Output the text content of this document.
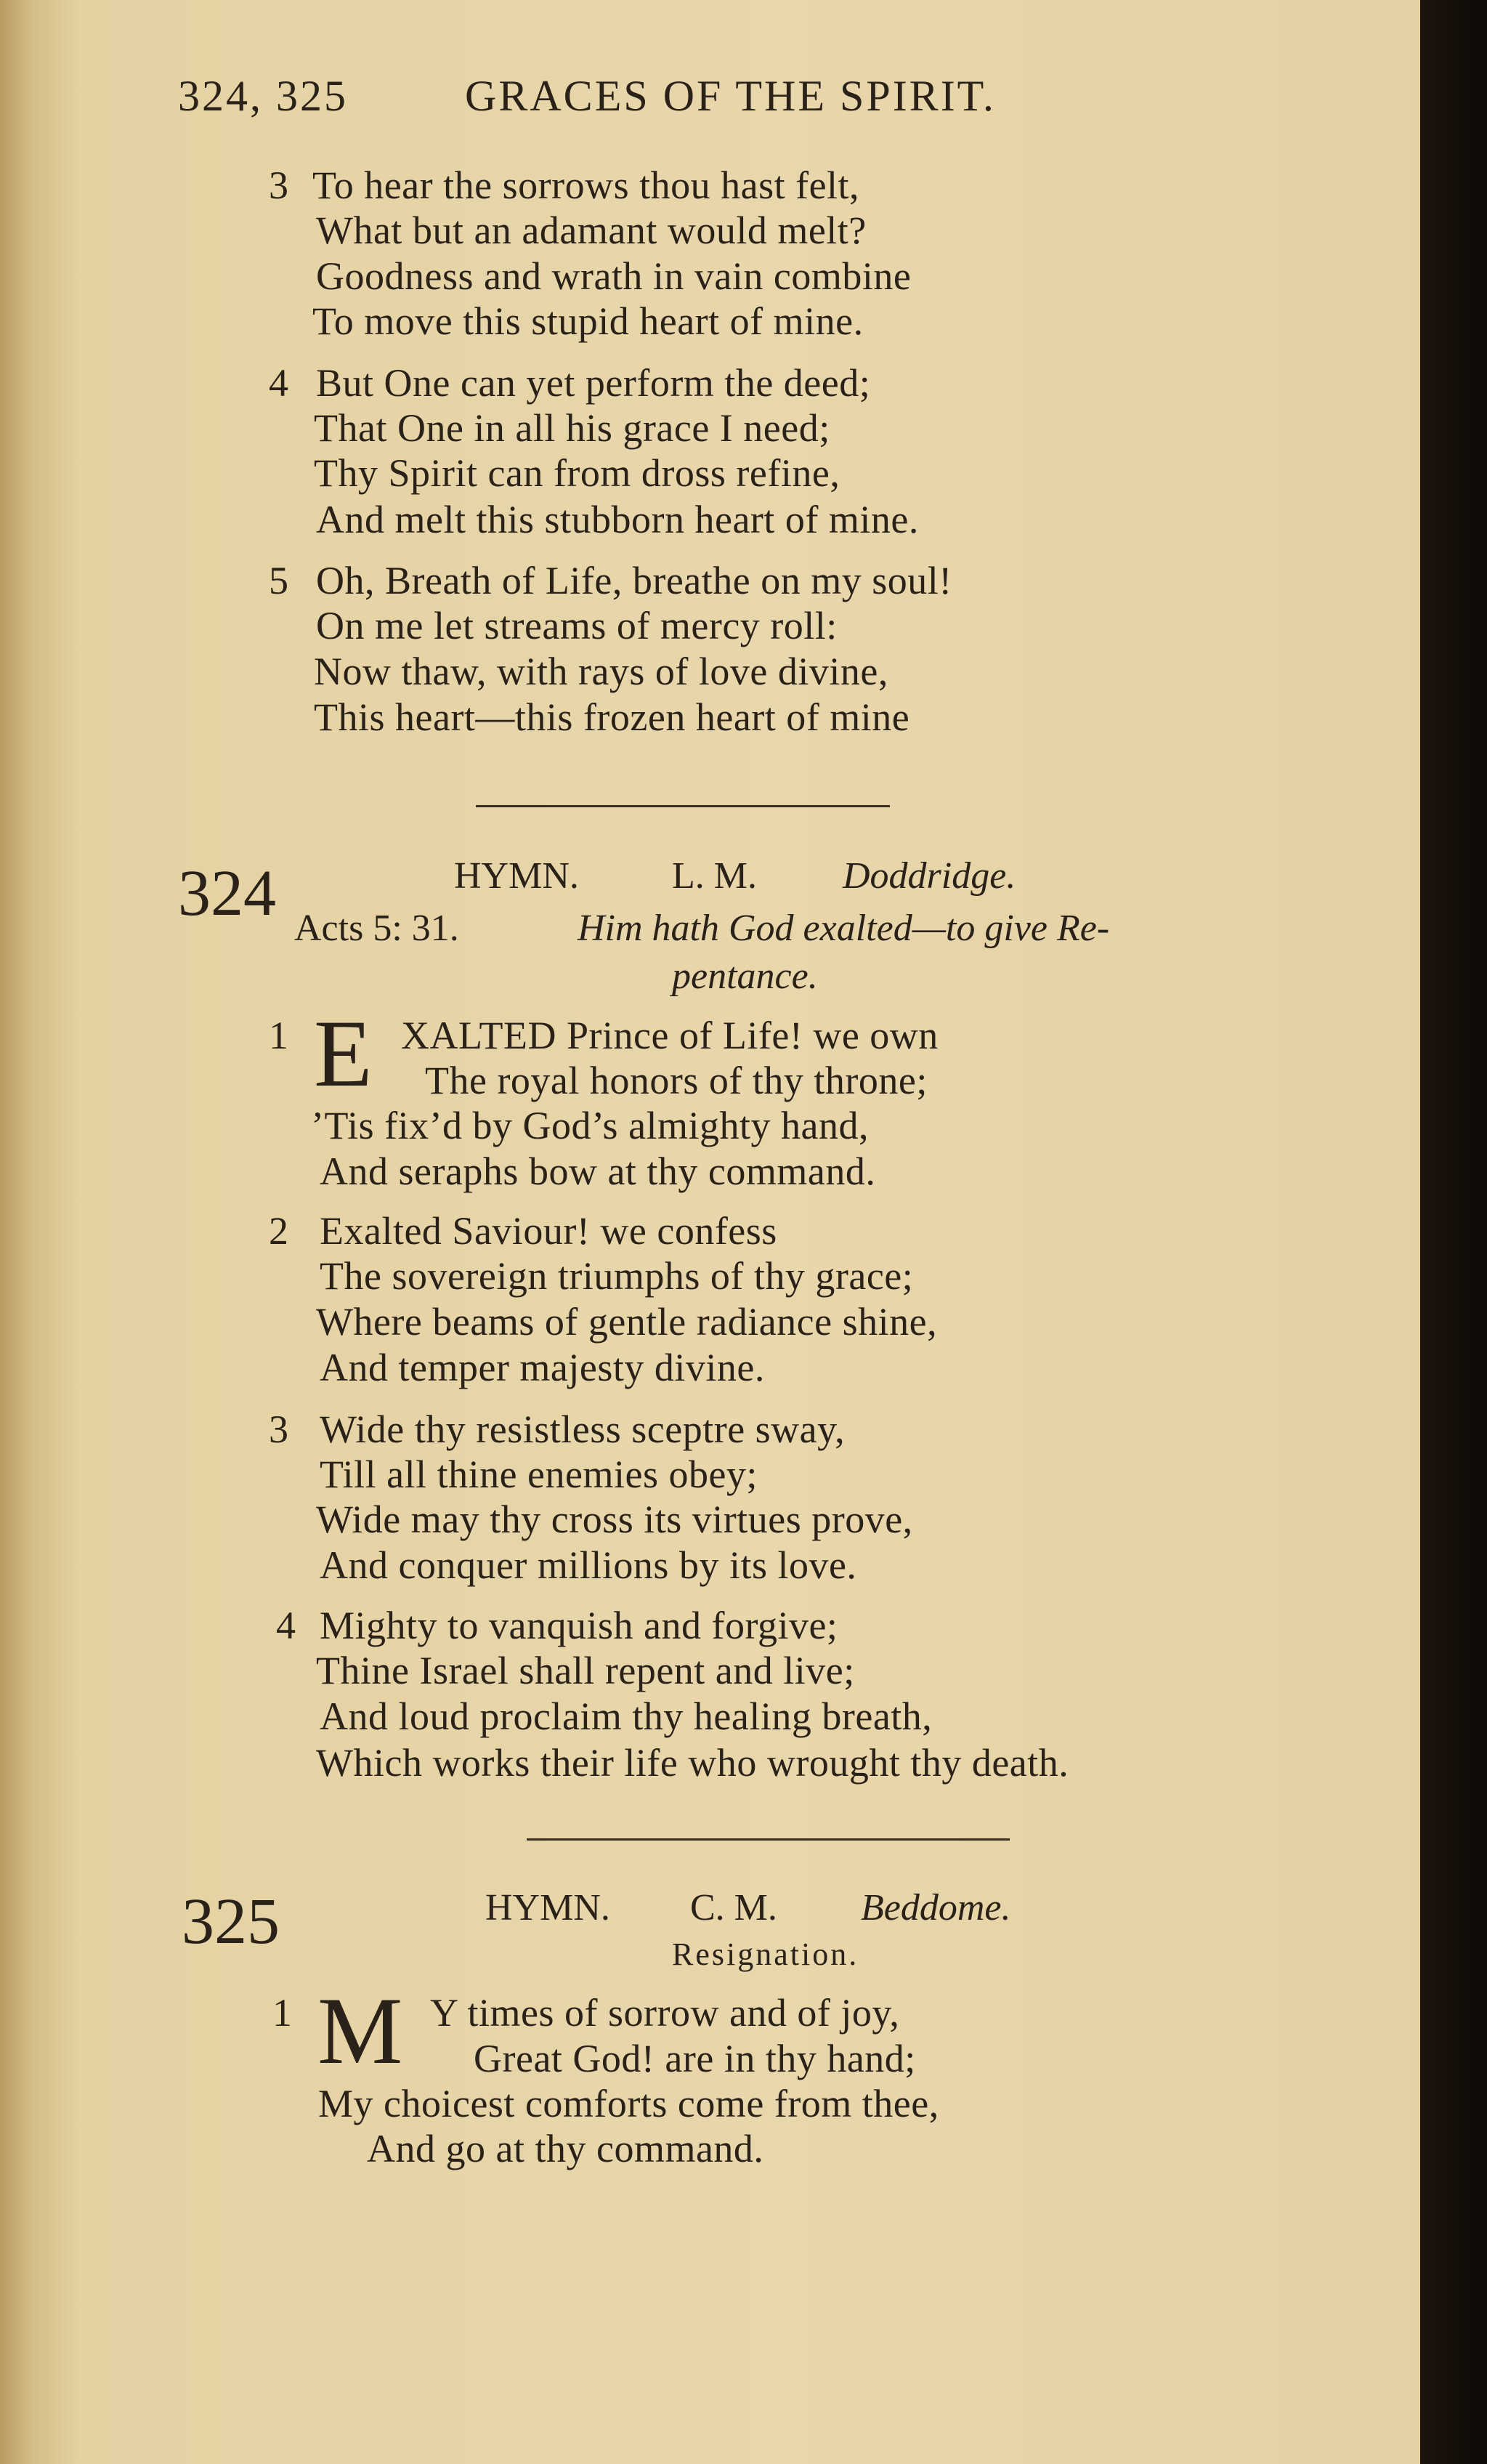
324, 325	GRACES OF THE SPIRIT.
3 To hear the sorrows thou hast felt,
What but an adamant would melt?
Goodness and wrath in vain combine
To move this stupid heart of mine.
4 But One can yet perform the deed;
That One in all his grace I need;
Thy Spirit can from dross refine,
And melt this stubborn heart of mine.
5 Oh, Breath of Life, breathe on my soul!
On me let streams of mercy roll:
Now thaw, with rays of love divine,
This heart—this frozen heart of mine
324	HYMN. L. M. Doddridge.
Acts 5: 31.	Him hath God exalted—to give Re-
pentance.
1 E XALTED Prince of Life! we own
The royal honors of thy throne;
’Tis fix’d by God’s almighty hand,
And seraphs bow at thy command.
2 Exalted Saviour! we confess
The sovereign triumphs of thy grace;
Where beams of gentle radiance shine,
And temper majesty divine.
3 Wide thy resistless sceptre sway,
Till all thine enemies obey;
Wide may thy cross its virtues prove,
And conquer millions by its love.
4 Mighty to vanquish and forgive;
Thine Israel shall repent and live;
And loud proclaim thy healing breath,
Which works their life who wrought thy death.
325	HYMN. C. M. Beddome.
Resignation.
1 M Y times of sorrow and of joy,
Great God! are in thy hand;
My choicest comforts come from thee,
And go at thy command.
